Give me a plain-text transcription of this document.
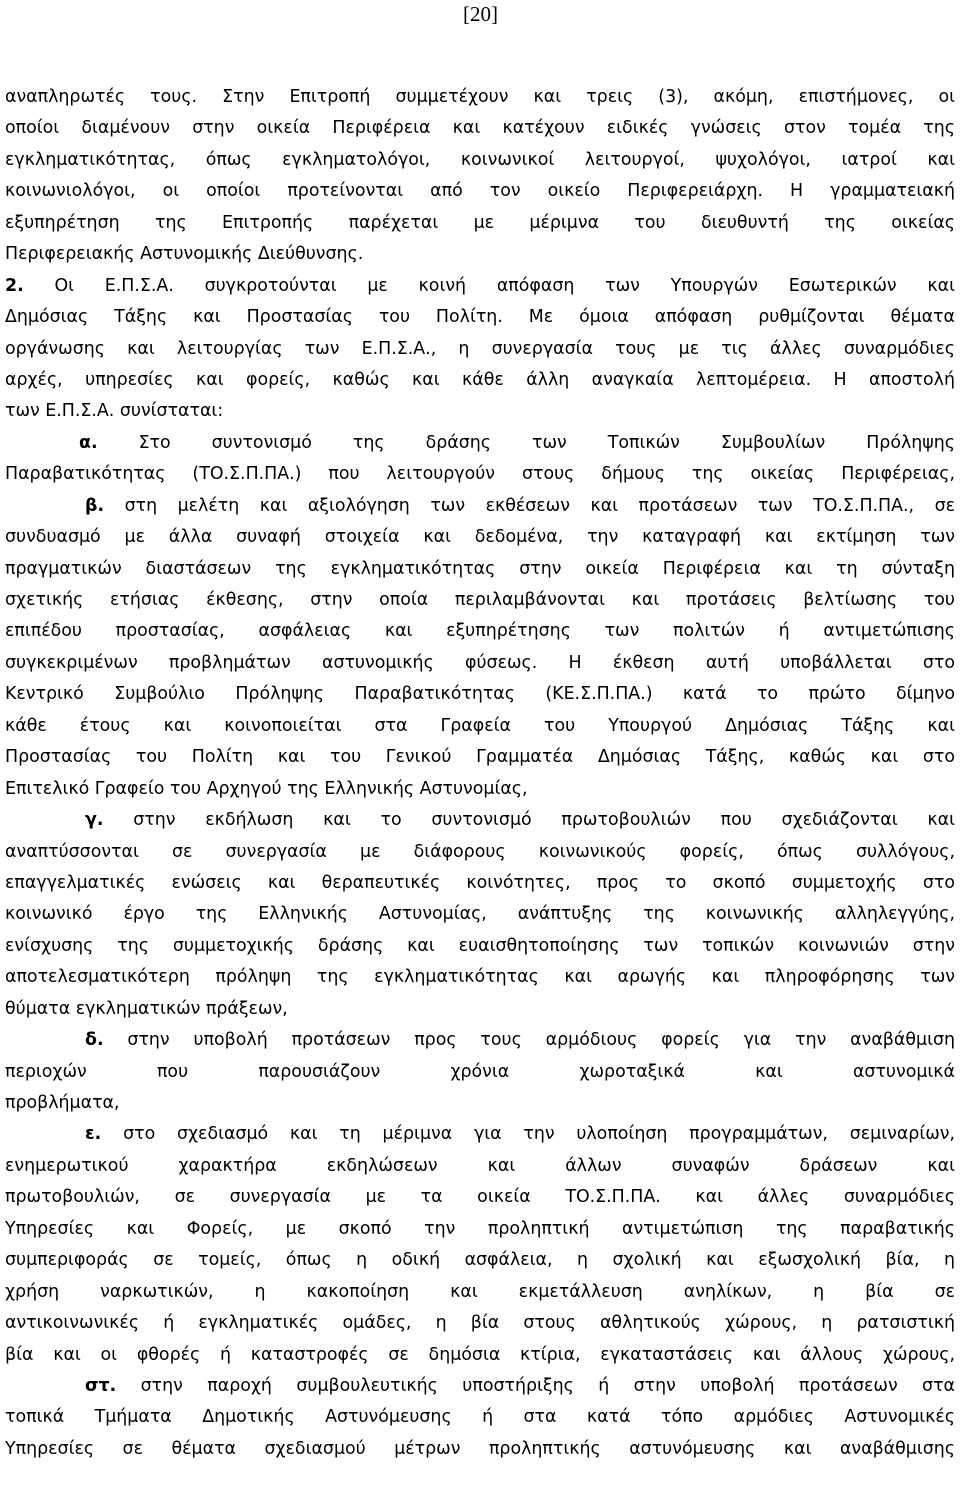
[20]
αναπληρωτές τους. Στην Επιτροπή συμμετέχουν και τρεις (3), ακόμη, επιστήμονες, οι
οποίοι διαμένουν στην οικεία Περιφέρεια και κατέχουν ειδικές γνώσεις στον τομέα της
εγκληματικότητας, όπως εγκληματολόγοι, κοινωνικοί λειτουργοί, ψυχολόγοι, ιατροί και
κοινωνιολόγοι, οι οποίοι προτείνονται από τον οικείο Περιφερειάρχη. Η γραμματειακή
εξυπηρέτηση της Επιτροπής παρέχεται με μέριμνα του διευθυντή της οικείας
Περιφερειακής Αστυνομικής Διεύθυνσης.
2. Οι Ε.Π.Σ.Α. συγκροτούνται με κοινή απόφαση των Υπουργών Εσωτερικών και
Δημόσιας Τάξης και Προστασίας του Πολίτη. Με όμοια απόφαση ρυθμίζονται θέματα
οργάνωσης και λειτουργίας των Ε.Π.Σ.Α., η συνεργασία τους με τις άλλες συναρμόδιες
αρχές, υπηρεσίες και φορείς, καθώς και κάθε άλλη αναγκαία λεπτομέρεια. Η αποστολή
των Ε.Π.Σ.Α. συνίσταται:
α. Στο συντονισμό της δράσης των Τοπικών Συμβουλίων Πρόληψης
Παραβατικότητας (ΤΟ.Σ.Π.ΠΑ.) που λειτουργούν στους δήμους της οικείας Περιφέρειας,
β. στη μελέτη και αξιολόγηση των εκθέσεων και προτάσεων των ΤΟ.Σ.Π.ΠΑ., σε
συνδυασμό με άλλα συναφή στοιχεία και δεδομένα, την καταγραφή και εκτίμηση των
πραγματικών διαστάσεων της εγκληματικότητας στην οικεία Περιφέρεια και τη σύνταξη
σχετικής ετήσιας έκθεσης, στην οποία περιλαμβάνονται και προτάσεις βελτίωσης του
επιπέδου προστασίας, ασφάλειας και εξυπηρέτησης των πολιτών ή αντιμετώπισης
συγκεκριμένων προβλημάτων αστυνομικής φύσεως. Η έκθεση αυτή υποβάλλεται στο
Κεντρικό Συμβούλιο Πρόληψης Παραβατικότητας (ΚΕ.Σ.Π.ΠΑ.) κατά το πρώτο δίμηνο
κάθε έτους και κοινοποιείται στα Γραφεία του Υπουργού Δημόσιας Τάξης και
Προστασίας του Πολίτη και του Γενικού Γραμματέα Δημόσιας Τάξης, καθώς και στο
Επιτελικό Γραφείο του Αρχηγού της Ελληνικής Αστυνομίας,
γ. στην εκδήλωση και το συντονισμό πρωτοβουλιών που σχεδιάζονται και
αναπτύσσονται σε συνεργασία με διάφορους κοινωνικούς φορείς, όπως συλλόγους,
επαγγελματικές ενώσεις και θεραπευτικές κοινότητες, προς το σκοπό συμμετοχής στο
κοινωνικό έργο της Ελληνικής Αστυνομίας, ανάπτυξης της κοινωνικής αλληλεγγύης,
ενίσχυσης της συμμετοχικής δράσης και ευαισθητοποίησης των τοπικών κοινωνιών στην
αποτελεσματικότερη πρόληψη της εγκληματικότητας και αρωγής και πληροφόρησης των
θύματα εγκληματικών πράξεων,
δ. στην υποβολή προτάσεων προς τους αρμόδιους φορείς για την αναβάθμιση
περιοχών που παρουσιάζουν χρόνια χωροταξικά και αστυνομικά
προβλήματα,
ε. στο σχεδιασμό και τη μέριμνα για την υλοποίηση προγραμμάτων, σεμιναρίων,
ενημερωτικού χαρακτήρα εκδηλώσεων και άλλων συναφών δράσεων και
πρωτοβουλιών, σε συνεργασία με τα οικεία ΤΟ.Σ.Π.ΠΑ. και άλλες συναρμόδιες
Υπηρεσίες και Φορείς, με σκοπό την προληπτική αντιμετώπιση της παραβατικής
συμπεριφοράς σε τομείς, όπως η οδική ασφάλεια, η σχολική και εξωσχολική βία, η
χρήση ναρκωτικών, η κακοποίηση και εκμετάλλευση ανηλίκων, η βία σε
αντικοινωνικές ή εγκληματικές ομάδες, η βία στους αθλητικούς χώρους, η ρατσιστική
βία και οι φθορές ή καταστροφές σε δημόσια κτίρια, εγκαταστάσεις και άλλους χώρους,
στ. στην παροχή συμβουλευτικής υποστήριξης ή στην υποβολή προτάσεων στα
τοπικά Τμήματα Δημοτικής Αστυνόμευσης ή στα κατά τόπο αρμόδιες Αστυνομικές
Υπηρεσίες σε θέματα σχεδιασμού μέτρων προληπτικής αστυνόμευσης και αναβάθμισης
